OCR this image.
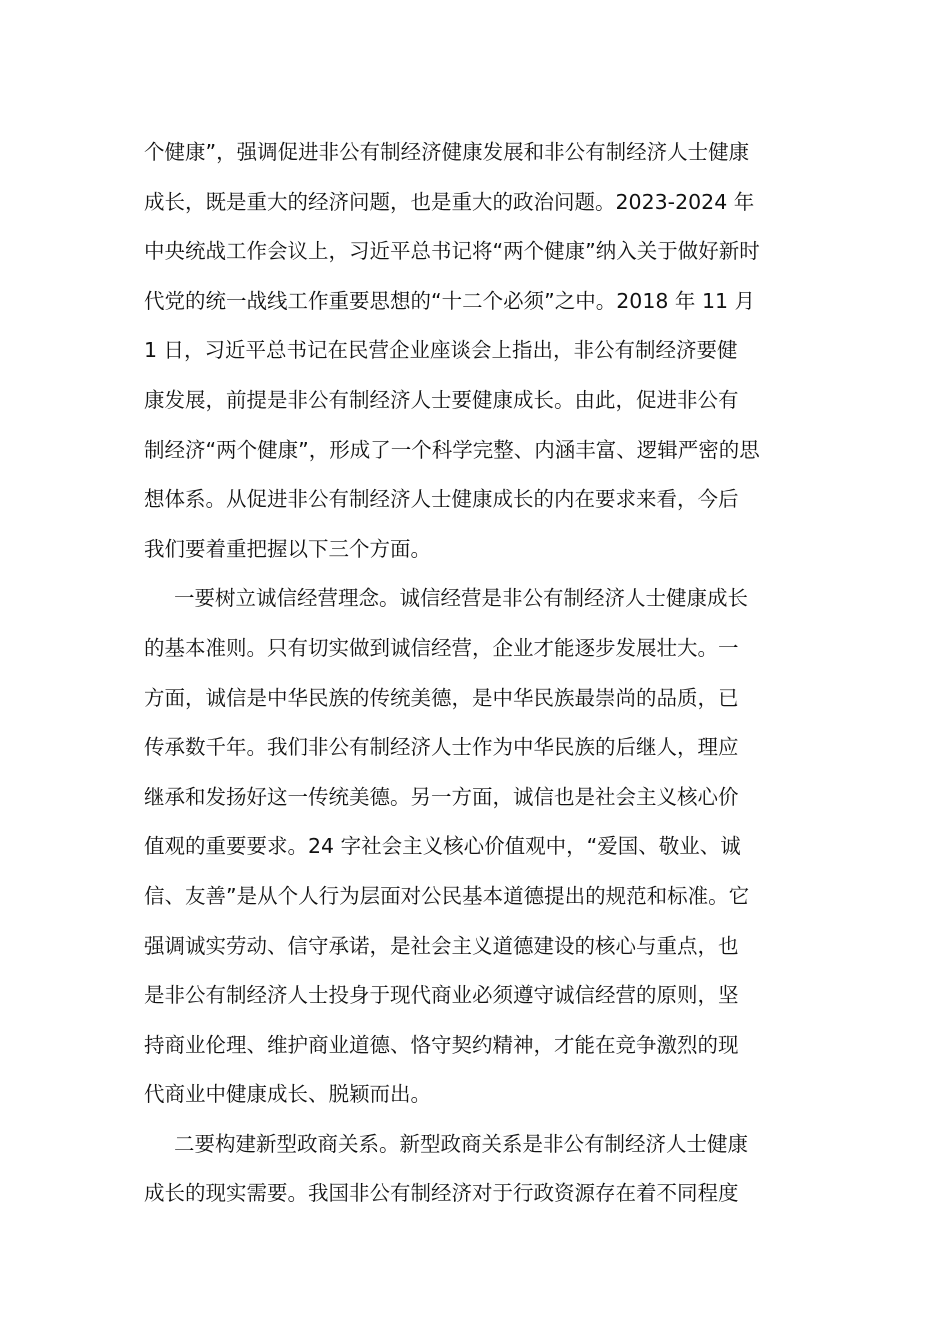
个健康”，强调促进非公有制经济健康发展和非公有制经济人士健康
成长，既是重大的经济问题，也是重大的政治问题。2023-2024 年
中央统战工作会议上，习近平总书记将“两个健康”纳入关于做好新时
代党的统一战线工作重要思想的“十二个必须”之中。2018 年 11 月
1 日，习近平总书记在民营企业座谈会上指出，非公有制经济要健
康发展，前提是非公有制经济人士要健康成长。由此，促进非公有
制经济“两个健康”，形成了一个科学完整、内涵丰富、逻辑严密的思
想体系。从促进非公有制经济人士健康成长的内在要求来看，今后
我们要着重把握以下三个方面。
一要树立诚信经营理念。诚信经营是非公有制经济人士健康成长
的基本准则。只有切实做到诚信经营，企业才能逐步发展壮大。一
方面，诚信是中华民族的传统美德，是中华民族最崇尚的品质，已
传承数千年。我们非公有制经济人士作为中华民族的后继人，理应
继承和发扬好这一传统美德。另一方面，诚信也是社会主义核心价
值观的重要要求。24 字社会主义核心价值观中，“爱国、敬业、诚
信、友善”是从个人行为层面对公民基本道德提出的规范和标准。它
强调诚实劳动、信守承诺，是社会主义道德建设的核心与重点，也
是非公有制经济人士投身于现代商业必须遵守诚信经营的原则，坚
持商业伦理、维护商业道德、恪守契约精神，才能在竞争激烈的现
代商业中健康成长、脱颖而出。
二要构建新型政商关系。新型政商关系是非公有制经济人士健康
成长的现实需要。我国非公有制经济对于行政资源存在着不同程度
